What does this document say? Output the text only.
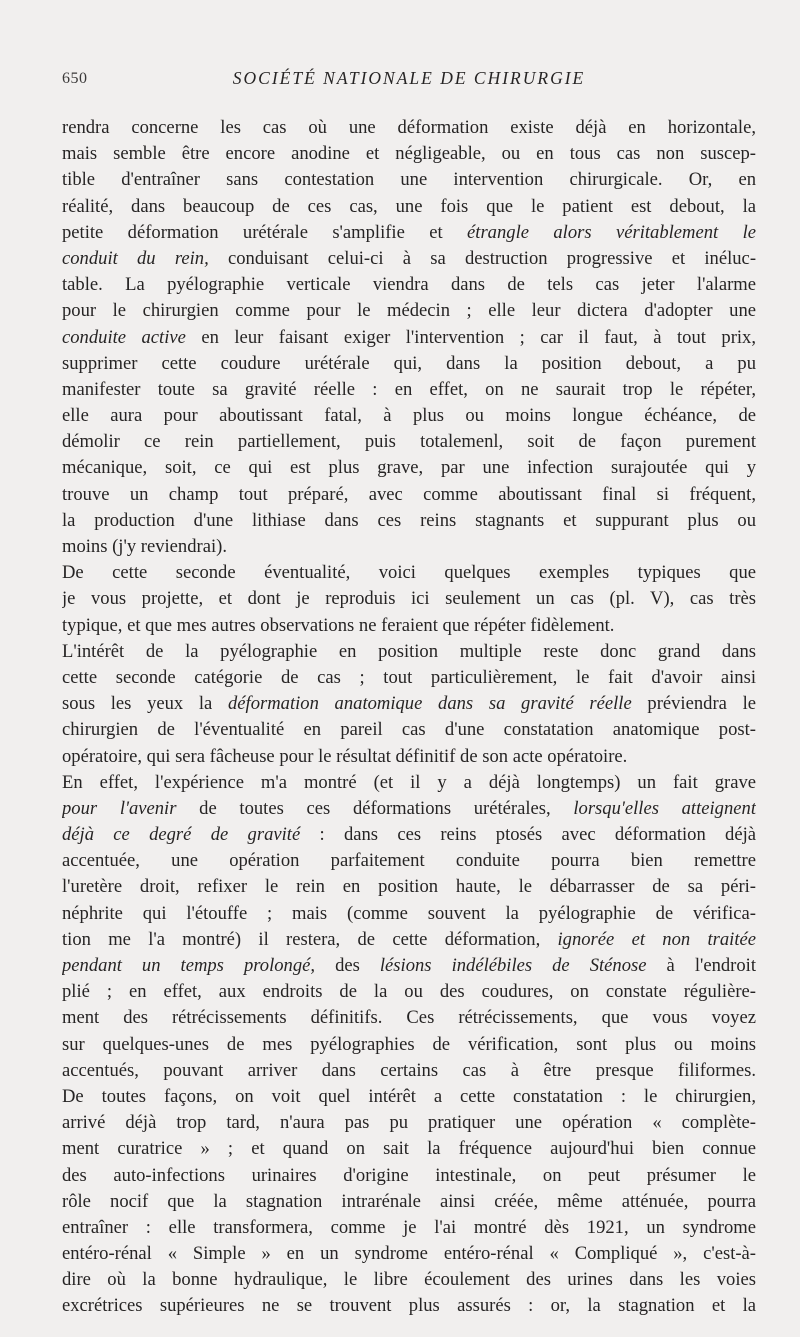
650	SOCIÉTÉ NATIONALE DE CHIRURGIE
rendra concerne les cas où une déformation existe déjà en horizontale,
mais semble être encore anodine et négligeable, ou en tous cas non suscep-
tible d'entraîner sans contestation une intervention chirurgicale. Or, en
réalité, dans beaucoup de ces cas, une fois que le patient est debout, la
petite déformation urétérale s'amplifie et étrangle alors véritablement le
conduit du rein, conduisant celui-ci à sa destruction progressive et inéluc-
table. La pyélographie verticale viendra dans de tels cas jeter l'alarme
pour le chirurgien comme pour le médecin ; elle leur dictera d'adopter une
conduite active en leur faisant exiger l'intervention ; car il faut, à tout prix,
supprimer cette coudure urétérale qui, dans la position debout, a pu
manifester toute sa gravité réelle : en effet, on ne saurait trop le répéter,
elle aura pour aboutissant fatal, à plus ou moins longue échéance, de
démolir ce rein partiellement, puis totalemenl, soit de façon purement
mécanique, soit, ce qui est plus grave, par une infection surajoutée qui y
trouve un champ tout préparé, avec comme aboutissant final si fréquent,
la production d'une lithiase dans ces reins stagnants et suppurant plus ou
moins (j'y reviendrai).
De cette seconde éventualité, voici quelques exemples typiques que
je vous projette, et dont je reproduis ici seulement un cas (pl. V), cas très
typique, et que mes autres observations ne feraient que répéter fidèlement.
L'intérêt de la pyélographie en position multiple reste donc grand dans
cette seconde catégorie de cas ; tout particulièrement, le fait d'avoir ainsi
sous les yeux la déformation anatomique dans sa gravité réelle préviendra le
chirurgien de l'éventualité en pareil cas d'une constatation anatomique post-
opératoire, qui sera fâcheuse pour le résultat définitif de son acte opératoire.
En effet, l'expérience m'a montré (et il y a déjà longtemps) un fait grave
pour l'avenir de toutes ces déformations urétérales, lorsqu'elles atteignent
déjà ce degré de gravité : dans ces reins ptosés avec déformation déjà
accentuée, une opération parfaitement conduite pourra bien remettre
l'uretère droit, refixer le rein en position haute, le débarrasser de sa péri-
néphrite qui l'étouffe ; mais (comme souvent la pyélographie de vérifica-
tion me l'a montré) il restera, de cette déformation, ignorée et non traitée
pendant un temps prolongé, des lésions indélébiles de Sténose à l'endroit
plié ; en effet, aux endroits de la ou des coudures, on constate régulière-
ment des rétrécissements définitifs. Ces rétrécissements, que vous voyez
sur quelques-unes de mes pyélographies de vérification, sont plus ou moins
accentués, pouvant arriver dans certains cas à être presque filiformes.
De toutes façons, on voit quel intérêt a cette constatation : le chirurgien,
arrivé déjà trop tard, n'aura pas pu pratiquer une opération « complète-
ment curatrice » ; et quand on sait la fréquence aujourd'hui bien connue
des auto-infections urinaires d'origine intestinale, on peut présumer le
rôle nocif que la stagnation intrarénale ainsi créée, même atténuée, pourra
entraîner : elle transformera, comme je l'ai montré dès 1921, un syndrome
entéro-rénal « Simple » en un syndrome entéro-rénal « Compliqué », c'est-à-
dire où la bonne hydraulique, le libre écoulement des urines dans les voies
excrétrices supérieures ne se trouvent plus assurés : or, la stagnation et la
